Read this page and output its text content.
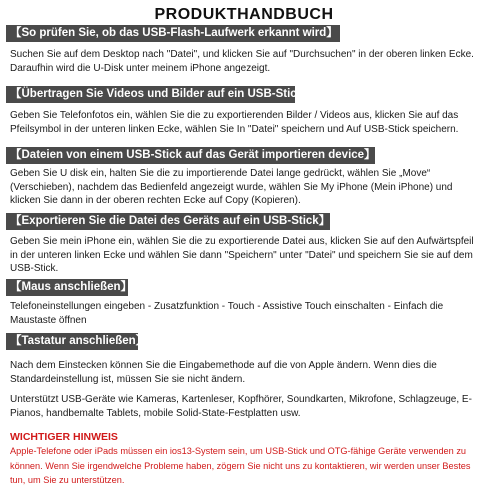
PRODUKTHANDBUCH
【So prüfen Sie, ob das USB-Flash-Laufwerk erkannt wird】
Suchen Sie auf dem Desktop nach "Datei", und klicken Sie auf "Durchsuchen" in der oberen linken Ecke. Daraufhin wird die U-Disk unter meinem iPhone angezeigt.
【Übertragen Sie Videos und Bilder auf ein USB-Stick】
Geben Sie Telefonfotos ein, wählen Sie die zu exportierenden Bilder / Videos aus, klicken Sie auf das Pfeilsymbol in der unteren linken Ecke, wählen Sie In "Datei" speichern und Auf USB-Stick speichern.
【Dateien von einem USB-Stick auf das Gerät importieren device】
Geben Sie U disk ein, halten Sie die zu importierende Datei lange gedrückt, wählen Sie „Move“ (Verschieben), nachdem das Bedienfeld angezeigt wurde, wählen Sie My iPhone (Mein iPhone) und klicken Sie dann in der oberen rechten Ecke auf Copy (Kopieren).
【Exportieren Sie die Datei des Geräts auf ein USB-Stick】
Geben Sie mein iPhone ein, wählen Sie die zu exportierende Datei aus, klicken Sie auf den Aufwärtspfeil in der unteren linken Ecke und wählen Sie dann "Speichern" unter "Datei" und speichern Sie sie auf dem USB-Stick.
【Maus anschließen】
Telefoneinstellungen eingeben - Zusatzfunktion - Touch - Assistive Touch einschalten - Einfach die Maustaste öffnen
【Tastatur anschließen】
Nach dem Einstecken können Sie die Eingabemethode auf die von Apple ändern. Wenn dies die Standardeinstellung ist, müssen Sie sie nicht ändern.
Unterstützt USB-Geräte wie Kameras, Kartenleser, Kopfhörer, Soundkarten, Mikrofone, Schlagzeuge, E-Pianos, handbemalte Tablets, mobile Solid-State-Festplatten usw.
WICHTIGER HINWEIS
Apple-Telefone oder iPads müssen ein ios13-System sein, um USB-Stick und OTG-fähige Geräte verwenden zu können. Wenn Sie irgendwelche Probleme haben, zögern Sie nicht uns zu kontaktieren, wir werden unser Bestes tun, um Sie zu unterstützen.
